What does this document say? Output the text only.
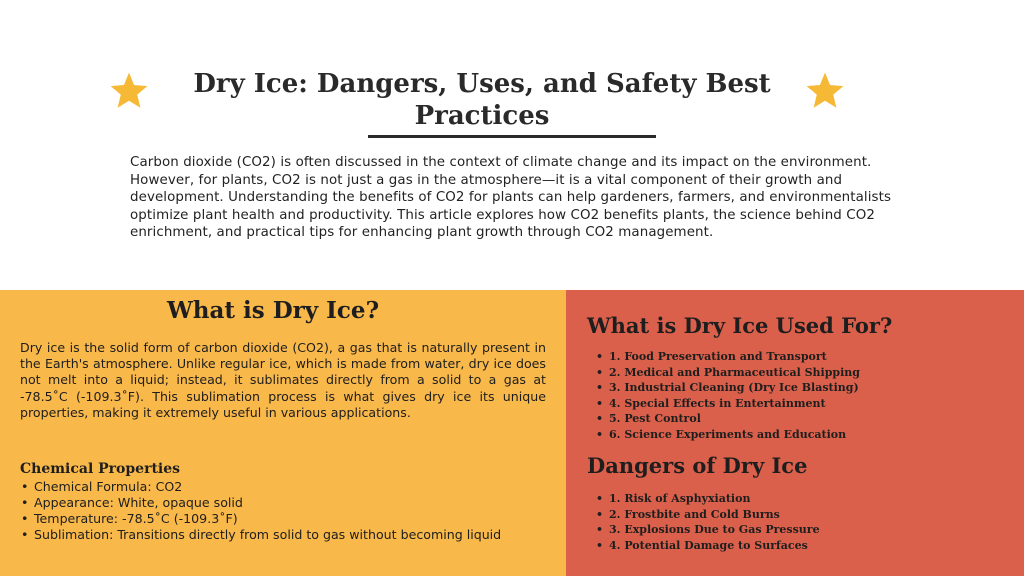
Dry Ice: Dangers, Uses, and Safety Best Practices

Carbon dioxide (CO2) is often discussed in the context of climate change and its impact on the environment. However, for plants, CO2 is not just a gas in the atmosphere—it is a vital component of their growth and development. Understanding the benefits of CO2 for plants can help gardeners, farmers, and environmentalists optimize plant health and productivity. This article explores how CO2 benefits plants, the science behind CO2 enrichment, and practical tips for enhancing plant growth through CO2 management.

What is Dry Ice?

Dry ice is the solid form of carbon dioxide (CO2), a gas that is naturally present in the Earth's atmosphere. Unlike regular ice, which is made from water, dry ice does not melt into a liquid; instead, it sublimates directly from a solid to a gas at -78.5˚C (-109.3˚F). This sublimation process is what gives dry ice its unique properties, making it extremely useful in various applications.

Chemical Properties
• Chemical Formula: CO2
• Appearance: White, opaque solid
• Temperature: -78.5˚C (-109.3˚F)
• Sublimation: Transitions directly from solid to gas without becoming liquid
What is Dry Ice Used For?
• 1. Food Preservation and Transport
• 2. Medical and Pharmaceutical Shipping
• 3. Industrial Cleaning (Dry Ice Blasting)
• 4. Special Effects in Entertainment
• 5. Pest Control
• 6. Science Experiments and Education
Dangers of Dry Ice
• 1. Risk of Asphyxiation
• 2. Frostbite and Cold Burns
• 3. Explosions Due to Gas Pressure
• 4. Potential Damage to Surfaces
